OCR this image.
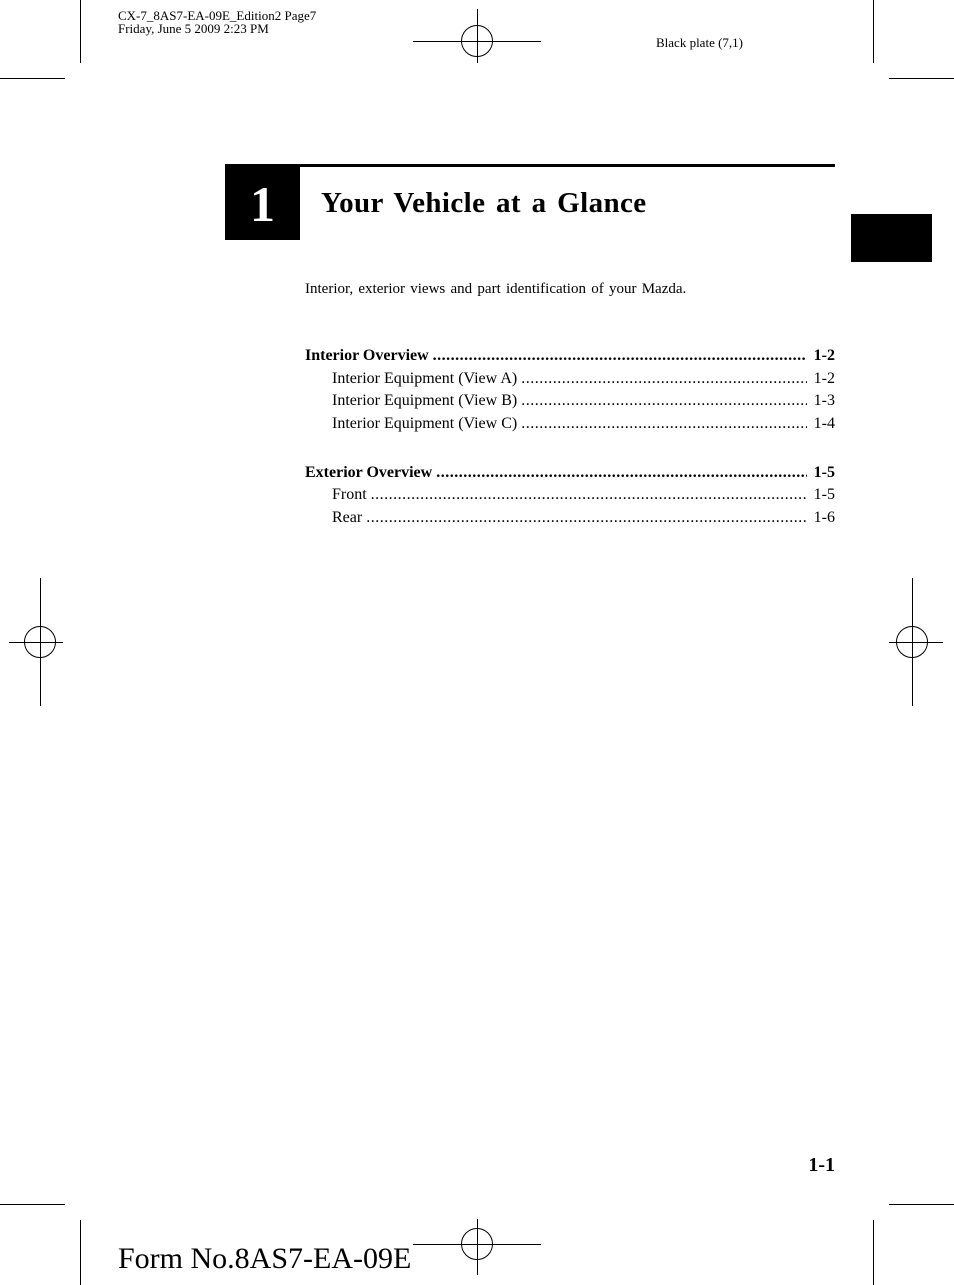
CX-7_8AS7-EA-09E_Edition2 Page7
Friday, June 5 2009 2:23 PM
Black plate (7,1)
1	Your Vehicle at a Glance
Interior, exterior views and part identification of your Mazda.
Interior Overview .....	1-2
Interior Equipment (View A) .....	1-2
Interior Equipment (View B) .....	1-3
Interior Equipment (View C) .....	1-4
Exterior Overview .....	1-5
Front .....	1-5
Rear .....	1-6
1-1
Form No.8AS7-EA-09E
